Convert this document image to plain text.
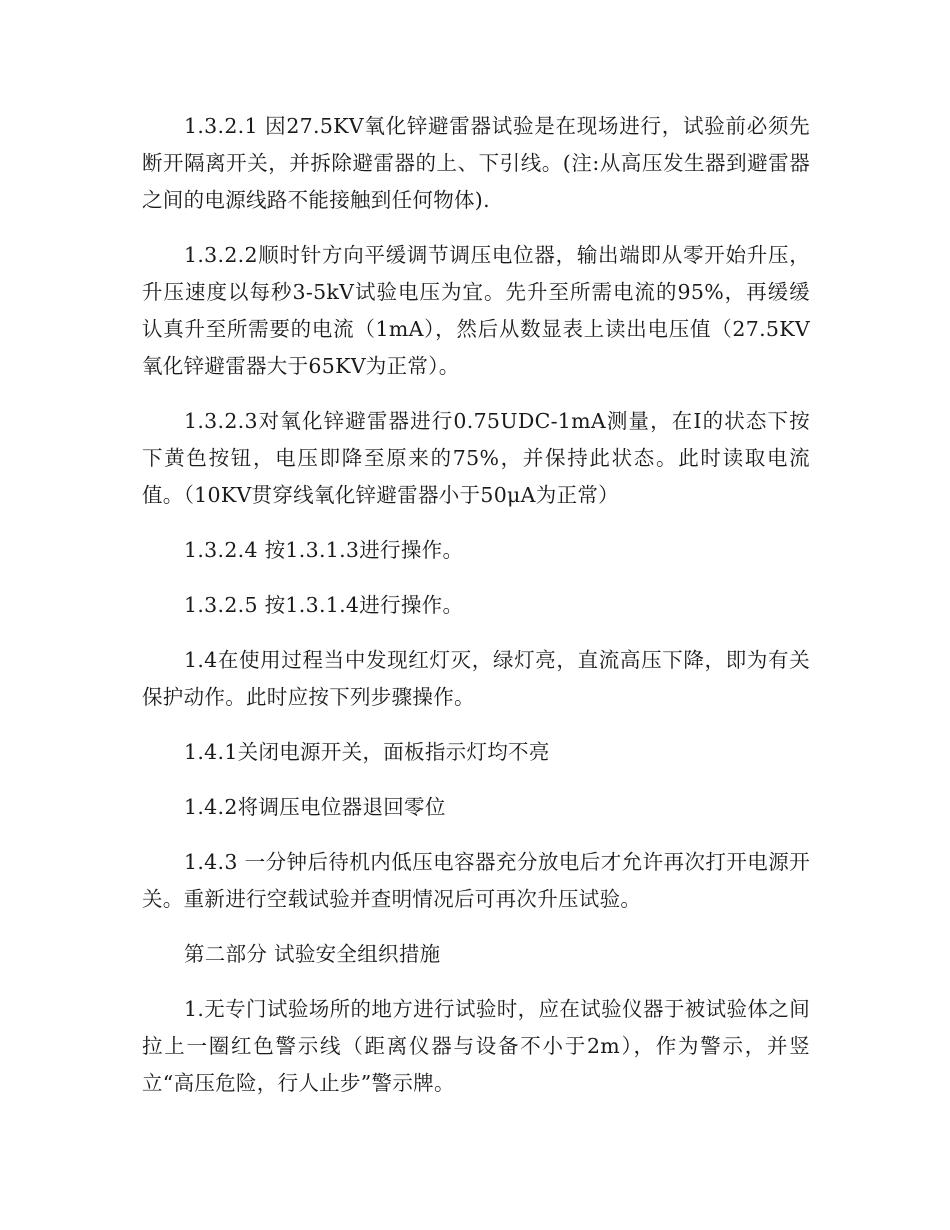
1.3.2.1 因27.5KV氧化锌避雷器试验是在现场进行，试验前必须先断开隔离开关，并拆除避雷器的上、下引线。(注:从高压发生器到避雷器之间的电源线路不能接触到任何物体).

1.3.2.2顺时针方向平缓调节调压电位器，输出端即从零开始升压，升压速度以每秒3-5kV试验电压为宜。先升至所需电流的95%，再缓缓认真升至所需要的电流（1mA），然后从数显表上读出电压值（27.5KV氧化锌避雷器大于65KV为正常）。

1.3.2.3对氧化锌避雷器进行0.75UDC-1mA测量，在Ⅰ的状态下按下黄色按钮，电压即降至原来的75%，并保持此状态。此时读取电流值。（10KV贯穿线氧化锌避雷器小于50μA为正常）

1.3.2.4 按1.3.1.3进行操作。

1.3.2.5 按1.3.1.4进行操作。

1.4在使用过程当中发现红灯灭，绿灯亮，直流高压下降，即为有关保护动作。此时应按下列步骤操作。

1.4.1关闭电源开关，面板指示灯均不亮

1.4.2将调压电位器退回零位

1.4.3 一分钟后待机内低压电容器充分放电后才允许再次打开电源开关。重新进行空载试验并查明情况后可再次升压试验。

第二部分 试验安全组织措施

1.无专门试验场所的地方进行试验时，应在试验仪器于被试验体之间拉上一圈红色警示线（距离仪器与设备不小于2m），作为警示，并竖立“高压危险，行人止步”警示牌。
